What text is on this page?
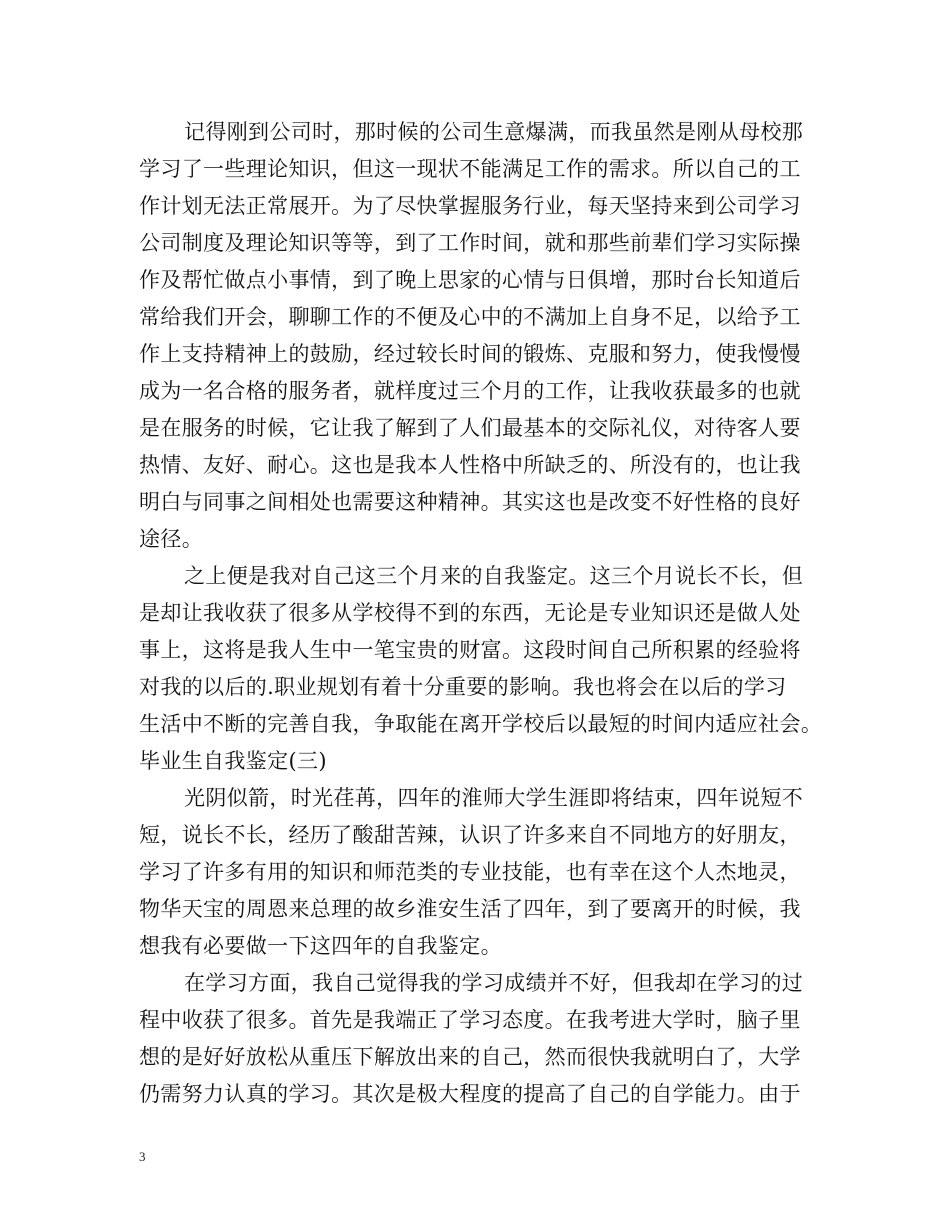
记得刚到公司时，那时候的公司生意爆满，而我虽然是刚从母校那
学习了一些理论知识，但这一现状不能满足工作的需求。所以自己的工
作计划无法正常展开。为了尽快掌握服务行业，每天坚持来到公司学习
公司制度及理论知识等等，到了工作时间，就和那些前辈们学习实际操
作及帮忙做点小事情，到了晚上思家的心情与日俱增，那时台长知道后
常给我们开会，聊聊工作的不便及心中的不满加上自身不足，以给予工
作上支持精神上的鼓励，经过较长时间的锻炼、克服和努力，使我慢慢
成为一名合格的服务者，就样度过三个月的工作，让我收获最多的也就
是在服务的时候，它让我了解到了人们最基本的交际礼仪，对待客人要
热情、友好、耐心。这也是我本人性格中所缺乏的、所没有的，也让我
明白与同事之间相处也需要这种精神。其实这也是改变不好性格的良好
途径。
之上便是我对自己这三个月来的自我鉴定。这三个月说长不长，但
是却让我收获了很多从学校得不到的东西，无论是专业知识还是做人处
事上，这将是我人生中一笔宝贵的财富。这段时间自己所积累的经验将
对我的以后的.职业规划有着十分重要的影响。我也将会在以后的学习
生活中不断的完善自我，争取能在离开学校后以最短的时间内适应社会。
毕业生自我鉴定(三)
光阴似箭，时光荏苒，四年的淮师大学生涯即将结束，四年说短不
短，说长不长，经历了酸甜苦辣，认识了许多来自不同地方的好朋友，
学习了许多有用的知识和师范类的专业技能，也有幸在这个人杰地灵，
物华天宝的周恩来总理的故乡淮安生活了四年，到了要离开的时候，我
想我有必要做一下这四年的自我鉴定。
在学习方面，我自己觉得我的学习成绩并不好，但我却在学习的过
程中收获了很多。首先是我端正了学习态度。在我考进大学时，脑子里
想的是好好放松从重压下解放出来的自己，然而很快我就明白了，大学
仍需努力认真的学习。其次是极大程度的提高了自己的自学能力。由于
3
